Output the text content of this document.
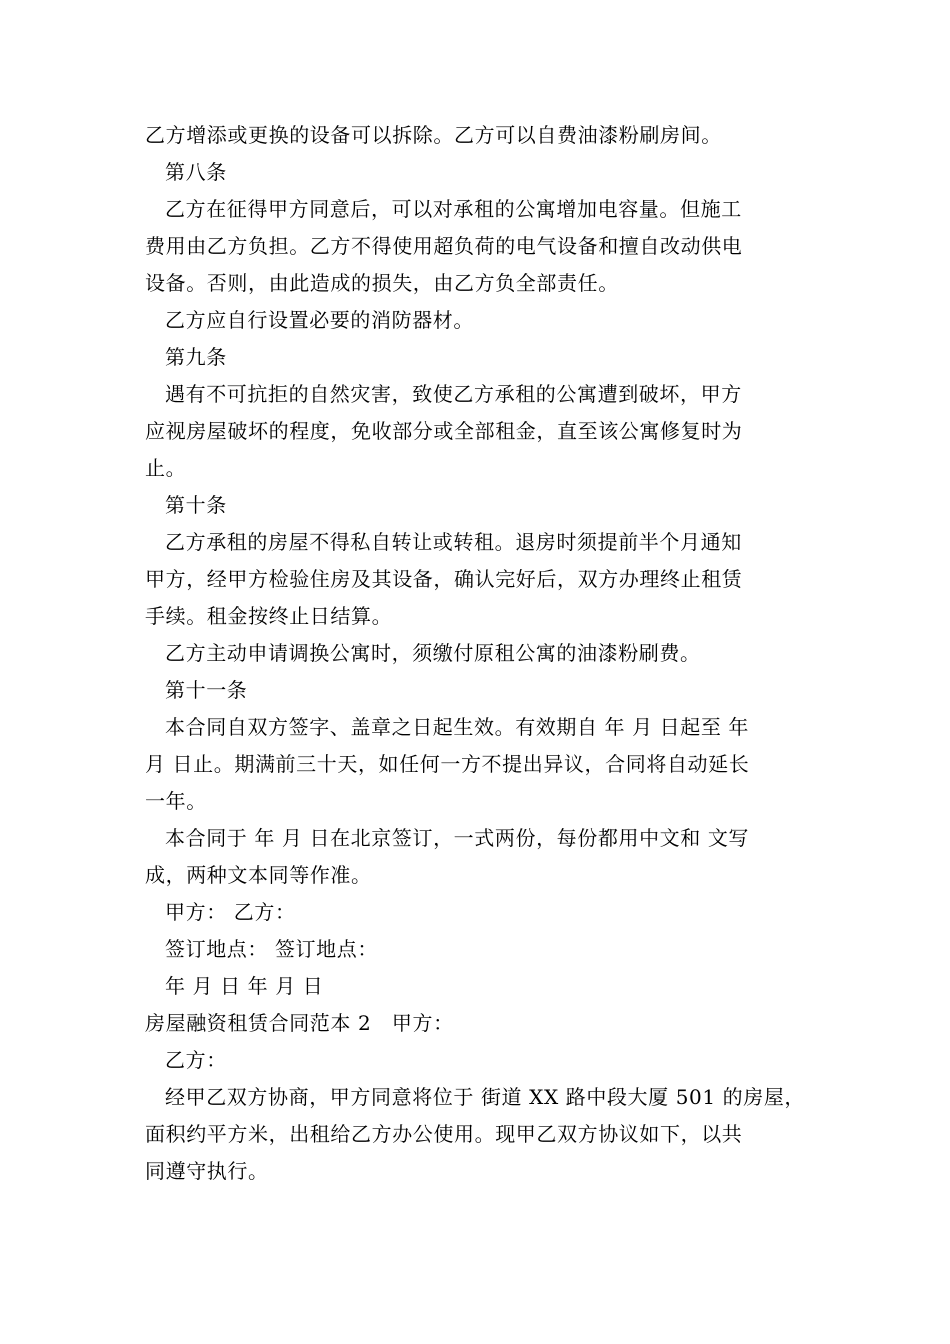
乙方增添或更换的设备可以拆除。乙方可以自费油漆粉刷房间。
第八条
乙方在征得甲方同意后，可以对承租的公寓增加电容量。但施工
费用由乙方负担。乙方不得使用超负荷的电气设备和擅自改动供电
设备。否则，由此造成的损失，由乙方负全部责任。
乙方应自行设置必要的消防器材。
第九条
遇有不可抗拒的自然灾害，致使乙方承租的公寓遭到破坏，甲方
应视房屋破坏的程度，免收部分或全部租金，直至该公寓修复时为
止。
第十条
乙方承租的房屋不得私自转让或转租。退房时须提前半个月通知
甲方，经甲方检验住房及其设备，确认完好后，双方办理终止租赁
手续。租金按终止日结算。
乙方主动申请调换公寓时，须缴付原租公寓的油漆粉刷费。
第十一条
本合同自双方签字、盖章之日起生效。有效期自 年 月 日起至 年
月 日止。期满前三十天，如任何一方不提出异议，合同将自动延长
一年。
本合同于 年 月 日在北京签订，一式两份，每份都用中文和 文写
成，两种文本同等作准。
甲方： 乙方：
签订地点： 签订地点：
年 月 日 年 月 日
房屋融资租赁合同范本 2　甲方：
乙方：
经甲乙双方协商，甲方同意将位于 街道 XX 路中段大厦 501 的房屋，
面积约平方米，出租给乙方办公使用。现甲乙双方协议如下，以共
同遵守执行。
